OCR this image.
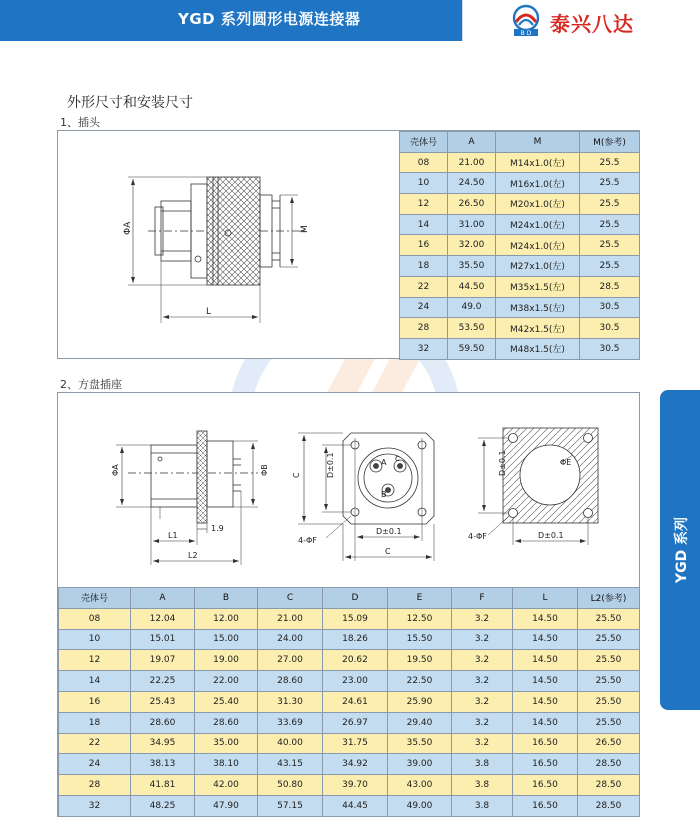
YGD 系列圆形电源连接器
B D 泰兴八达
YGD 系列
外形尺寸和安装尺寸
1、插头
2、方盘插座
ΦA	M
L
壳体号	A	M	M(参考)
08	21.00	M14x1.0(左)	25.5
10	24.50	M16x1.0(左)	25.5
12	26.50	M20x1.0(左)	25.5
14	31.00	M24x1.0(左)	25.5
16	32.00	M24x1.0(左)	25.5
18	35.50	M27x1.0(左)	25.5
22	44.50	M35x1.5(左)	28.5
24	49.0	M38x1.5(左)	30.5
28	53.50	M42x1.5(左)	30.5
32	59.50	M48x1.5(左)	30.5
ΦA	ΦB
L1
L2
1.9
C	D±0.1
D±0.1
C
4-ΦF
A C
B
D±0.1
D±0.1
ΦE
4-ΦF
壳体号	A	B	C	D	E	F	L	L2(参考)
08	12.04	12.00	21.00	15.09	12.50	3.2	14.50	25.50
10	15.01	15.00	24.00	18.26	15.50	3.2	14.50	25.50
12	19.07	19.00	27.00	20.62	19.50	3.2	14.50	25.50
14	22.25	22.00	28.60	23.00	22.50	3.2	14.50	25.50
16	25.43	25.40	31.30	24.61	25.90	3.2	14.50	25.50
18	28.60	28.60	33.69	26.97	29.40	3.2	14.50	25.50
22	34.95	35.00	40.00	31.75	35.50	3.2	16.50	26.50
24	38.13	38.10	43.15	34.92	39.00	3.8	16.50	28.50
28	41.81	42.00	50.80	39.70	43.00	3.8	16.50	28.50
32	48.25	47.90	57.15	44.45	49.00	3.8	16.50	28.50
